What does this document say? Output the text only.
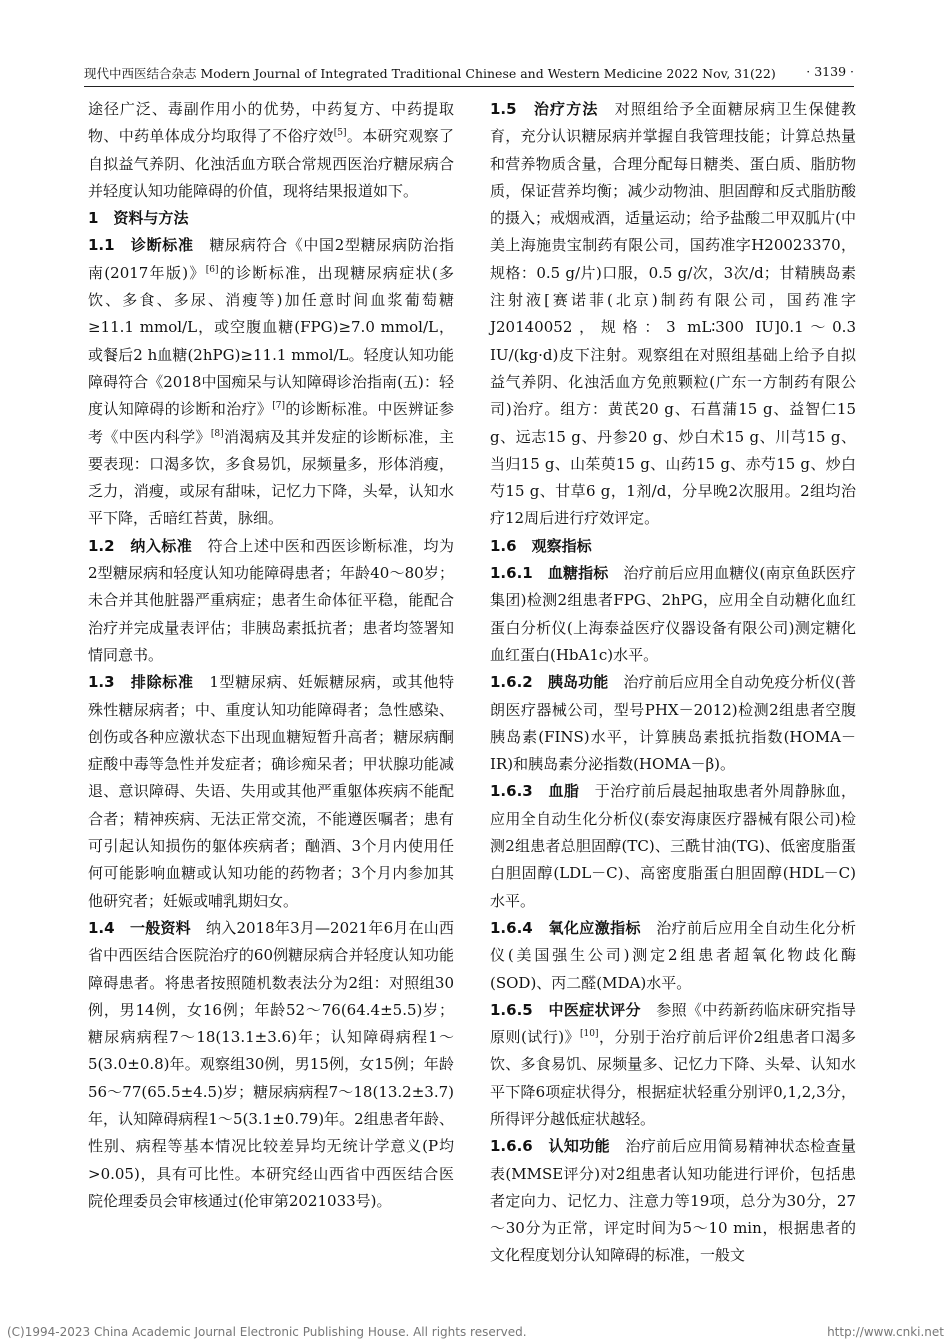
现代中西医结合杂志 Modern Journal of Integrated Traditional Chinese and Western Medicine 2022 Nov, 31(22) · 3139 ·

途径广泛、毒副作用小的优势，中药复方、中药提取物、中药单体成分均取得了不俗疗效[5]。本研究观察了自拟益气养阴、化浊活血方联合常规西医治疗糖尿病合并轻度认知功能障碍的价值，现将结果报道如下。

1　资料与方法

1.1　诊断标准　糖尿病符合《中国2型糖尿病防治指南(2017年版)》[6]的诊断标准，出现糖尿病症状(多饮、多食、多尿、消瘦等)加任意时间血浆葡萄糖≥11.1 mmol/L，或空腹血糖(FPG)≥7.0 mmol/L，或餐后2 h血糖(2hPG)≥11.1 mmol/L。轻度认知功能障碍符合《2018中国痴呆与认知障碍诊治指南(五)：轻度认知障碍的诊断和治疗》[7]的诊断标准。中医辨证参考《中医内科学》[8]消渴病及其并发症的诊断标准，主要表现：口渴多饮，多食易饥，尿频量多，形体消瘦，乏力，消瘦，或尿有甜味，记忆力下降，头晕，认知水平下降，舌暗红苔黄，脉细。

1.2　纳入标准　符合上述中医和西医诊断标准，均为2型糖尿病和轻度认知功能障碍患者；年龄40～80岁；未合并其他脏器严重病症；患者生命体征平稳，能配合治疗并完成量表评估；非胰岛素抵抗者；患者均签署知情同意书。

1.3　排除标准　1型糖尿病、妊娠糖尿病，或其他特殊性糖尿病者；中、重度认知功能障碍者；急性感染、创伤或各种应激状态下出现血糖短暂升高者；糖尿病酮症酸中毒等急性并发症者；确诊痴呆者；甲状腺功能减退、意识障碍、失语、失用或其他严重躯体疾病不能配合者；精神疾病、无法正常交流，不能遵医嘱者；患有可引起认知损伤的躯体疾病者；酗酒、3个月内使用任何可能影响血糖或认知功能的药物者；3个月内参加其他研究者；妊娠或哺乳期妇女。

1.4　一般资料　纳入2018年3月—2021年6月在山西省中西医结合医院治疗的60例糖尿病合并轻度认知功能障碍患者。将患者按照随机数表法分为2组：对照组30例，男14例，女16例；年龄52～76(64.4±5.5)岁；糖尿病病程7～18(13.1±3.6)年；认知障碍病程1～5(3.0±0.8)年。观察组30例，男15例，女15例；年龄56～77(65.5±4.5)岁；糖尿病病程7～18(13.2±3.7)年，认知障碍病程1～5(3.1±0.79)年。2组患者年龄、性别、病程等基本情况比较差异均无统计学意义(P均>0.05)，具有可比性。本研究经山西省中西医结合医院伦理委员会审核通过(伦审第2021033号)。

1.5　治疗方法　对照组给予全面糖尿病卫生保健教育，充分认识糖尿病并掌握自我管理技能；计算总热量和营养物质含量，合理分配每日糖类、蛋白质、脂肪物质，保证营养均衡；减少动物油、胆固醇和反式脂肪酸的摄入；戒烟戒酒，适量运动；给予盐酸二甲双胍片(中美上海施贵宝制药有限公司，国药准字H20023370，规格：0.5 g/片)口服，0.5 g/次，3次/d；甘精胰岛素注射液[赛诺菲(北京)制药有限公司，国药准字J20140052，规格：3 mL∶300 IU]0.1～0.3 IU/(kg·d)皮下注射。观察组在对照组基础上给予自拟益气养阴、化浊活血方免煎颗粒(广东一方制药有限公司)治疗。组方：黄芪20 g、石菖蒲15 g、益智仁15 g、远志15 g、丹参20 g、炒白术15 g、川芎15 g、当归15 g、山茱萸15 g、山药15 g、赤芍15 g、炒白芍15 g、甘草6 g，1剂/d，分早晚2次服用。2组均治疗12周后进行疗效评定。

1.6　观察指标

1.6.1　血糖指标　治疗前后应用血糖仪(南京鱼跃医疗集团)检测2组患者FPG、2hPG，应用全自动糖化血红蛋白分析仪(上海泰益医疗仪器设备有限公司)测定糖化血红蛋白(HbA1c)水平。

1.6.2　胰岛功能　治疗前后应用全自动免疫分析仪(普朗医疗器械公司，型号PHX－2012)检测2组患者空腹胰岛素(FINS)水平，计算胰岛素抵抗指数(HOMA－IR)和胰岛素分泌指数(HOMA－β)。

1.6.3　血脂　于治疗前后晨起抽取患者外周静脉血，应用全自动生化分析仪(泰安海康医疗器械有限公司)检测2组患者总胆固醇(TC)、三酰甘油(TG)、低密度脂蛋白胆固醇(LDL－C)、高密度脂蛋白胆固醇(HDL－C)水平。

1.6.4　氧化应激指标　治疗前后应用全自动生化分析仪(美国强生公司)测定2组患者超氧化物歧化酶(SOD)、丙二醛(MDA)水平。

1.6.5　中医症状评分　参照《中药新药临床研究指导原则(试行)》[10]，分别于治疗前后评价2组患者口渴多饮、多食易饥、尿频量多、记忆力下降、头晕、认知水平下降6项症状得分，根据症状轻重分别评0,1,2,3分，所得评分越低症状越轻。

1.6.6　认知功能　治疗前后应用简易精神状态检查量表(MMSE评分)对2组患者认知功能进行评价，包括患者定向力、记忆力、注意力等19项，总分为30分，27～30分为正常，评定时间为5～10 min，根据患者的文化程度划分认知障碍的标准，一般文

(C)1994-2023 China Academic Journal Electronic Publishing House. All rights reserved.	http://www.cnki.net
